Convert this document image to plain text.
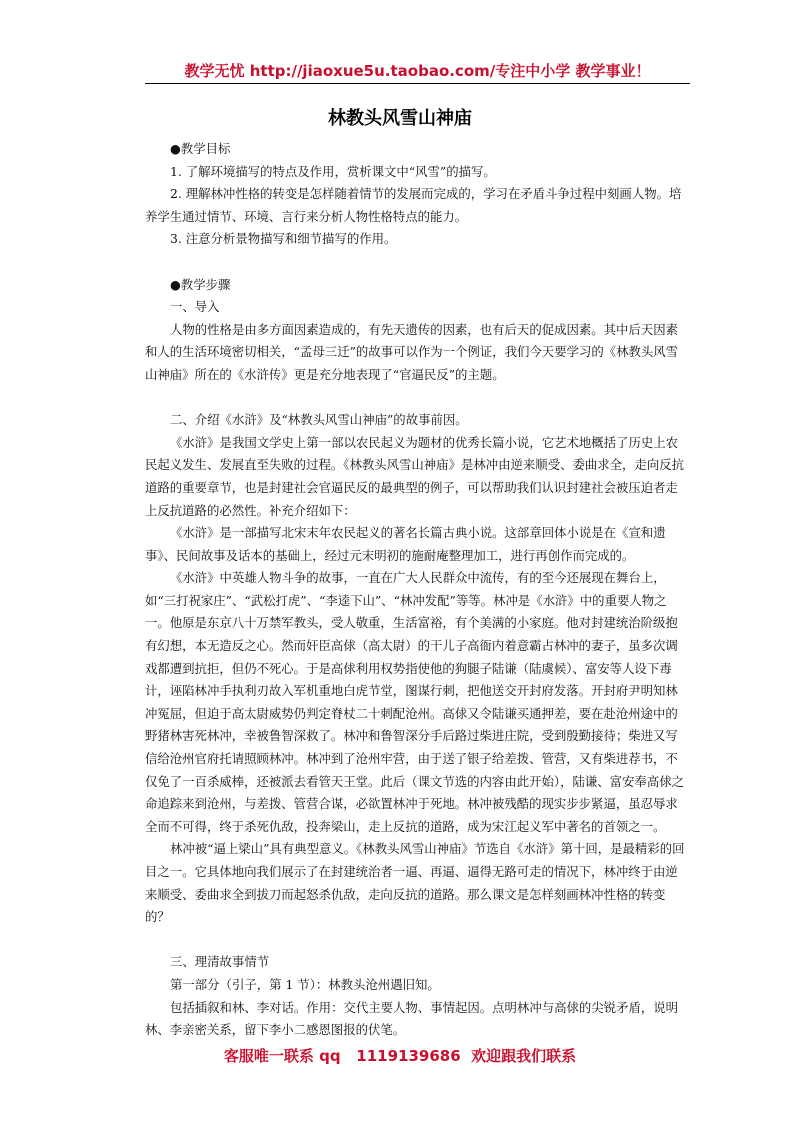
教学无忧 http://jiaoxue5u.taobao.com/专注中小学 教学事业！
林教头风雪山神庙

●教学目标

1. 了解环境描写的特点及作用，赏析课文中“风雪”的描写。

2. 理解林冲性格的转变是怎样随着情节的发展而完成的，学习在矛盾斗争过程中刻画人物。培养学生通过情节、环境、言行来分析人物性格特点的能力。

3. 注意分析景物描写和细节描写的作用。

●教学步骤

一、导入

人物的性格是由多方面因素造成的，有先天遗传的因素，也有后天的促成因素。其中后天因素和人的生活环境密切相关，“孟母三迁”的故事可以作为一个例证，我们今天要学习的《林教头风雪山神庙》所在的《水浒传》更是充分地表现了“官逼民反”的主题。

二、介绍《水浒》及“林教头风雪山神庙”的故事前因。

《水浒》是我国文学史上第一部以农民起义为题材的优秀长篇小说，它艺术地概括了历史上农民起义发生、发展直至失败的过程。《林教头风雪山神庙》是林冲由逆来顺受、委曲求全，走向反抗道路的重要章节，也是封建社会官逼民反的最典型的例子，可以帮助我们认识封建社会被压迫者走上反抗道路的必然性。补充介绍如下：

《水浒》是一部描写北宋末年农民起义的著名长篇古典小说。这部章回体小说是在《宣和遗事》、民间故事及话本的基础上，经过元末明初的施耐庵整理加工，进行再创作而完成的。

《水浒》中英雄人物斗争的故事，一直在广大人民群众中流传，有的至今还展现在舞台上，如“三打祝家庄”、“武松打虎”、“李逵下山”、“林冲发配”等等。林冲是《水浒》中的重要人物之一。他原是东京八十万禁军教头，受人敬重，生活富裕，有个美满的小家庭。他对封建统治阶级抱有幻想，本无造反之心。然而奸臣高俅（高太尉）的干儿子高衙内着意霸占林冲的妻子，虽多次调戏都遭到抗拒，但仍不死心。于是高俅利用权势指使他的狗腿子陆谦（陆虞候）、富安等人设下毒计，诬陷林冲手执利刃故入军机重地白虎节堂，图谋行刺，把他送交开封府发落。开封府尹明知林冲冤屈，但迫于高太尉威势仍判定脊杖二十刺配沧州。高俅又令陆谦买通押差，要在赴沧州途中的野猪林害死林冲，幸被鲁智深救了。林冲和鲁智深分手后路过柴进庄院，受到殷勤接待；柴进又写信给沧州官府托请照顾林冲。林冲到了沧州牢营，由于送了银子给差拨、管营，又有柴进荐书，不仅免了一百杀威棒，还被派去看管天王堂。此后（课文节选的内容由此开始），陆谦、富安奉高俅之命追踪来到沧州，与差拨、管营合谋，必欲置林冲于死地。林冲被残酷的现实步步紧逼，虽忍辱求全而不可得，终于杀死仇敌，投奔梁山，走上反抗的道路，成为宋江起义军中著名的首领之一。

林冲被“逼上梁山”具有典型意义。《林教头风雪山神庙》节选自《水浒》第十回，是最精彩的回目之一。它具体地向我们展示了在封建统治者一逼、再逼、逼得无路可走的情况下，林冲终于由逆来顺受、委曲求全到拔刀而起怒杀仇敌，走向反抗的道路。那么课文是怎样刻画林冲性格的转变的？

三、理清故事情节

第一部分（引子，第 1 节）：林教头沧州遇旧知。

包括插叙和林、李对话。作用：交代主要人物、事情起因。点明林冲与高俅的尖锐矛盾，说明林、李亲密关系，留下李小二感恩图报的伏笔。

客服唯一联系 qq   1119139686  欢迎跟我们联系
